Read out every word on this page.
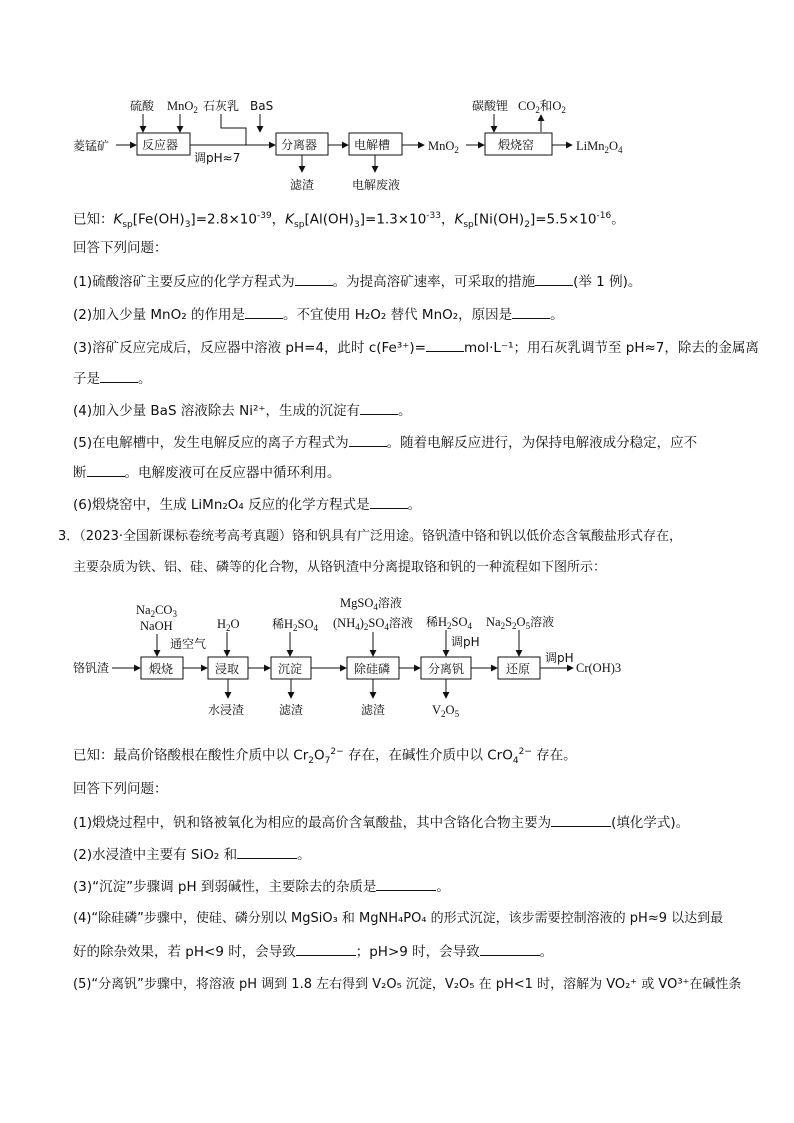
菱锰矿	反应器
硫酸 MnO$_2$ 石灰乳 BaS
调pH≈7
分离器
滤渣
电解槽
电解废液
MnO$_2$
碳酸锂
煅烧窑
$CO_2$和$O_2$
$LiMn_2O_4$
已知：$K_{sp}[Fe(OH)_3]=2.8\times 10^{-39}$，$K_{sp}[Al(OH)_3]=1.3\times 10^{-33}$，$K_{sp}[Ni(OH)_2]=5.5\times 10^{-16}$。
回答下列问题：
(1)硫酸溶矿主要反应的化学方程式为	。为提高溶矿速率，可采取的措施	(举 1 例)。
(2)加入少量 MnO₂ 的作用是	。不宜使用 H₂O₂ 替代 MnO₂，原因是	。
(3)溶矿反应完成后，反应器中溶液 pH=4，此时 c(Fe³⁺)=	mol·L⁻¹；用石灰乳调节至 pH≈7，除去的金属离
子是	。
(4)加入少量 BaS 溶液除去 Ni²⁺，生成的沉淀有	。
(5)在电解槽中，发生电解反应的离子方程式为	。随着电解反应进行，为保持电解液成分稳定，应不
断	。电解废液可在反应器中循环利用。
(6)煅烧窑中，生成 LiMn₂O₄ 反应的化学方程式是	。
3．（2023·全国新课标卷统考高考真题）铬和钒具有广泛用途。铬钒渣中铬和钒以低价态含氧酸盐形式存在，
主要杂质为铁、铝、硅、磷等的化合物，从铬钒渣中分离提取铬和钒的一种流程如下图所示：
铬钒渣
$Na_2CO_3$
NaOH
通空气
煅烧
$H_2O$
浸取
水浸渣
稀$H_2SO_4$
沉淀
滤渣
MgSO$_4$溶液
$(NH_4)_2SO_4$溶液
除硅磷
滤渣
稀$H_2SO_4$
调pH
分离钒
$V_2O_5$
$Na_2S_2O_5$溶液
还原
调pH
Cr(OH)3
已知：最高价铬酸根在酸性介质中以 $Cr_2O_7^{2-}$ 存在，在碱性介质中以 CrO$_4^{2-}$ 存在。
回答下列问题：
(1)煅烧过程中，钒和铬被氧化为相应的最高价含氧酸盐，其中含铬化合物主要为	(填化学式)。
(2)水浸渣中主要有 SiO₂ 和	。
(3)“沉淀”步骤调 pH 到弱碱性，主要除去的杂质是	。
(4)“除硅磷”步骤中，使硅、磷分别以 MgSiO₃ 和 MgNH₄PO₄ 的形式沉淀，该步需要控制溶液的 pH≈9 以达到最
好的除杂效果，若 pH<9 时，会导致	；pH>9 时，会导致	。
(5)“分离钒”步骤中，将溶液 pH 调到 1.8 左右得到 V₂O₅ 沉淀，V₂O₅ 在 pH<1 时，溶解为 VO₂⁺ 或 VO³⁺在碱性条
